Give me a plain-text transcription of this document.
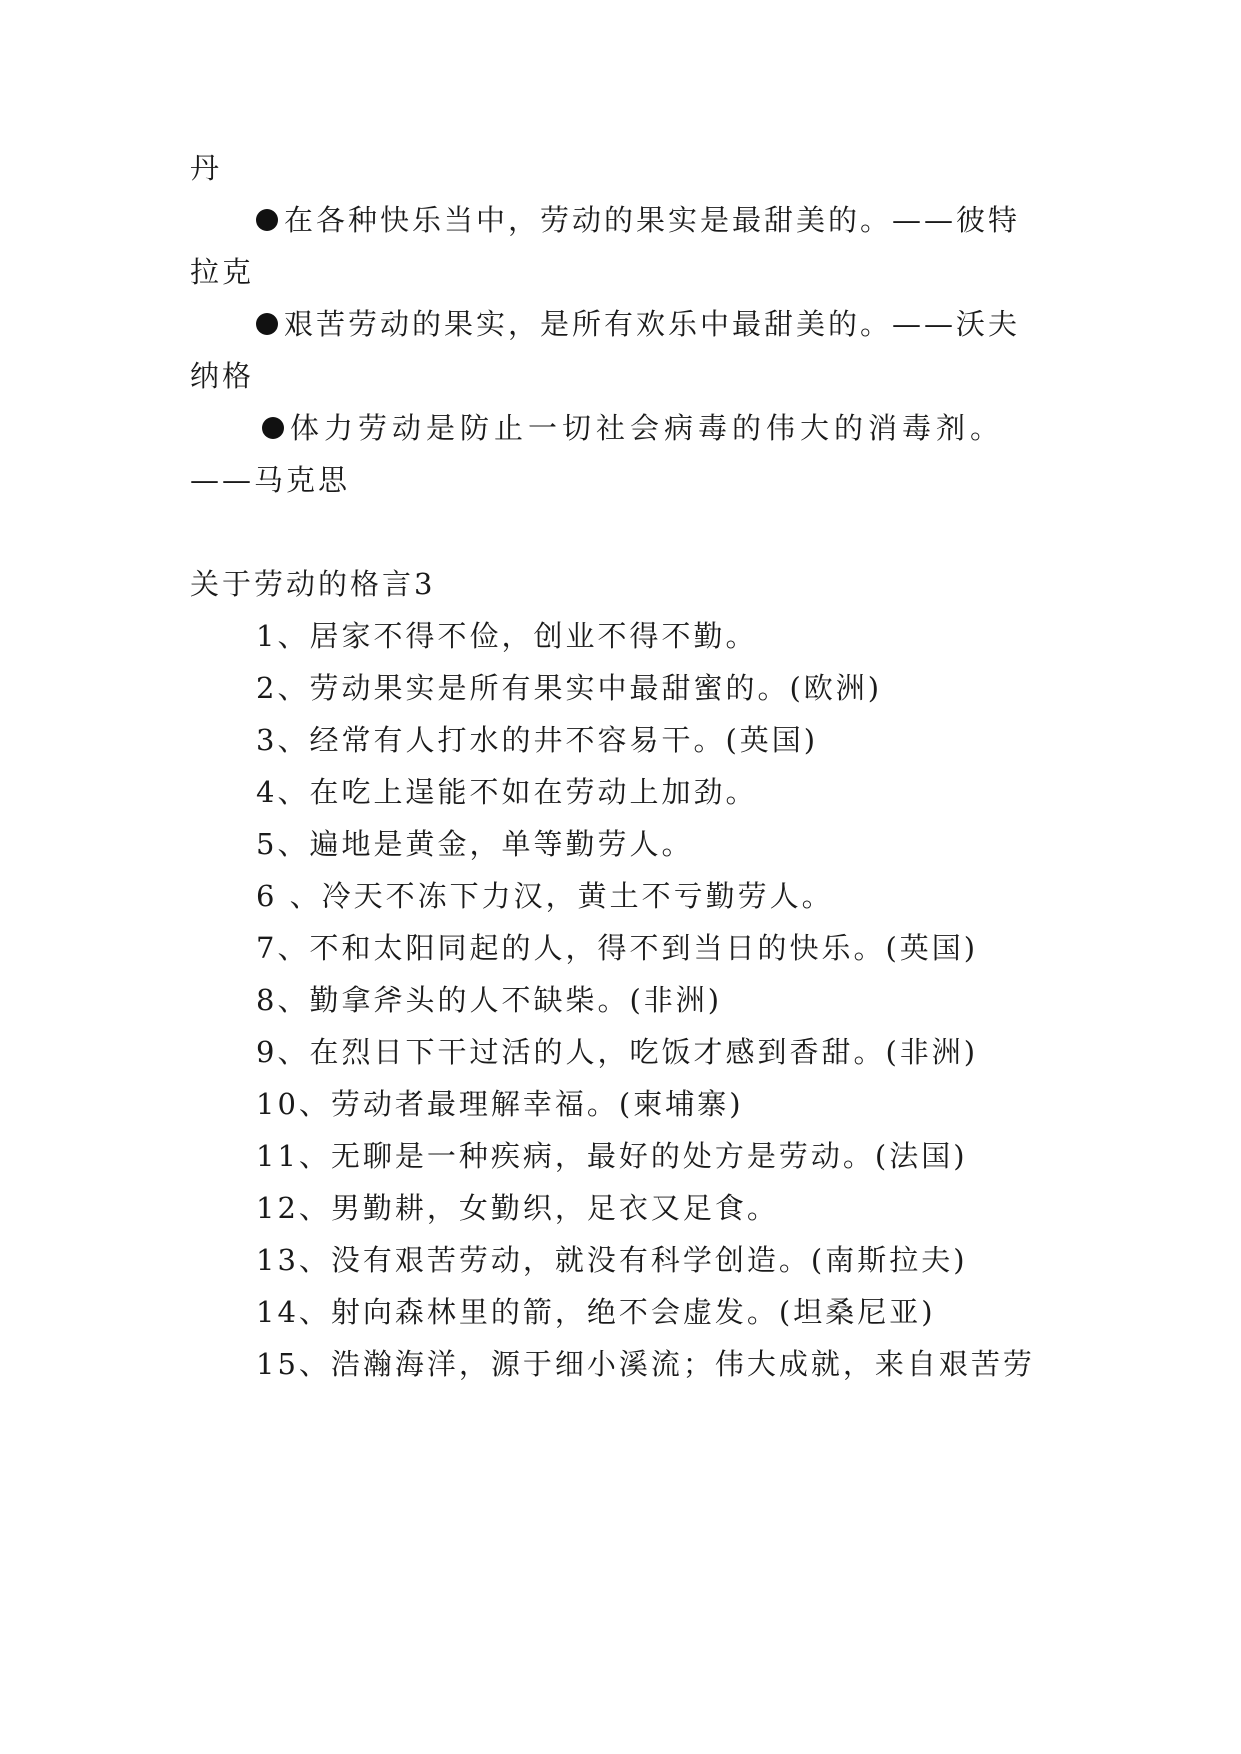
丹
在各种快乐当中，劳动的果实是最甜美的。——彼特
拉克
艰苦劳动的果实，是所有欢乐中最甜美的。——沃夫
纳格
体力劳动是防止一切社会病毒的伟大的消毒剂。
——马克思
关于劳动的格言3
1、居家不得不俭，创业不得不勤。
2、劳动果实是所有果实中最甜蜜的。(欧洲)
3、经常有人打水的井不容易干。(英国)
4、在吃上逞能不如在劳动上加劲。
5、遍地是黄金，单等勤劳人。
6 、冷天不冻下力汉，黄土不亏勤劳人。
7、不和太阳同起的人，得不到当日的快乐。(英国)
8、勤拿斧头的人不缺柴。(非洲)
9、在烈日下干过活的人，吃饭才感到香甜。(非洲)
10、劳动者最理解幸福。(柬埔寨)
11、无聊是一种疾病，最好的处方是劳动。(法国)
12、男勤耕，女勤织，足衣又足食。
13、没有艰苦劳动，就没有科学创造。(南斯拉夫)
14、射向森林里的箭，绝不会虚发。(坦桑尼亚)
15、浩瀚海洋，源于细小溪流；伟大成就，来自艰苦劳
